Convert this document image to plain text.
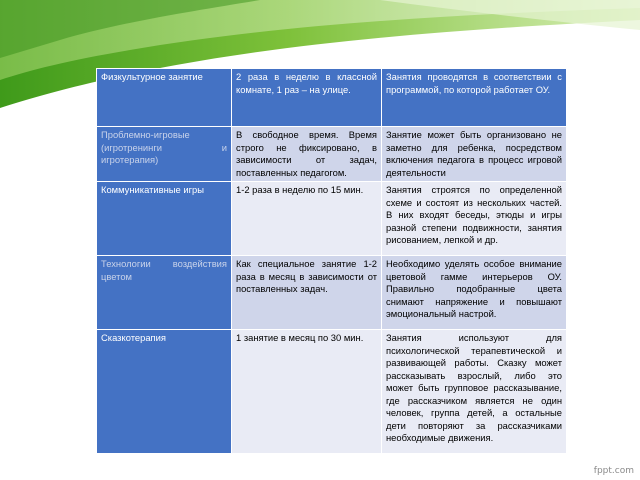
Физкультурное занятие	2 раза в неделю в классной комнате, 1 раз – на улице.	Занятия проводятся в соответствии с программой, по которой работает ОУ.
Проблемно-игровые (игротренинги и игротерапия)	В свободное время. Время строго не фиксировано, в зависимости от задач, поставленных педагогом.	Занятие может быть организовано не заметно для ребенка, посредством включения педагога в процесс игровой деятельности
Коммуникативные игры	1-2 раза в неделю по 15 мин.	Занятия строятся по определенной схеме и состоят из нескольких частей. В них входят беседы, этюды и игры разной степени подвижности, занятия рисованием, лепкой и др.
Технологии воздействия цветом	Как специальное занятие 1-2 раза в месяц в зависимости от поставленных задач.	Необходимо уделять особое внимание цветовой гамме интерьеров ОУ. Правильно подобранные цвета снимают напряжение и повышают эмоциональный настрой.
Сказкотерапия	1 занятие в месяц по 30 мин.	Занятия используют для психологической терапевтической и развивающей работы. Сказку может рассказывать взрослый, либо это может быть групповое рассказывание, где рассказчиком является не один человек, группа детей, а остальные дети повторяют за рассказчиками необходимые движения.
fppt.com
